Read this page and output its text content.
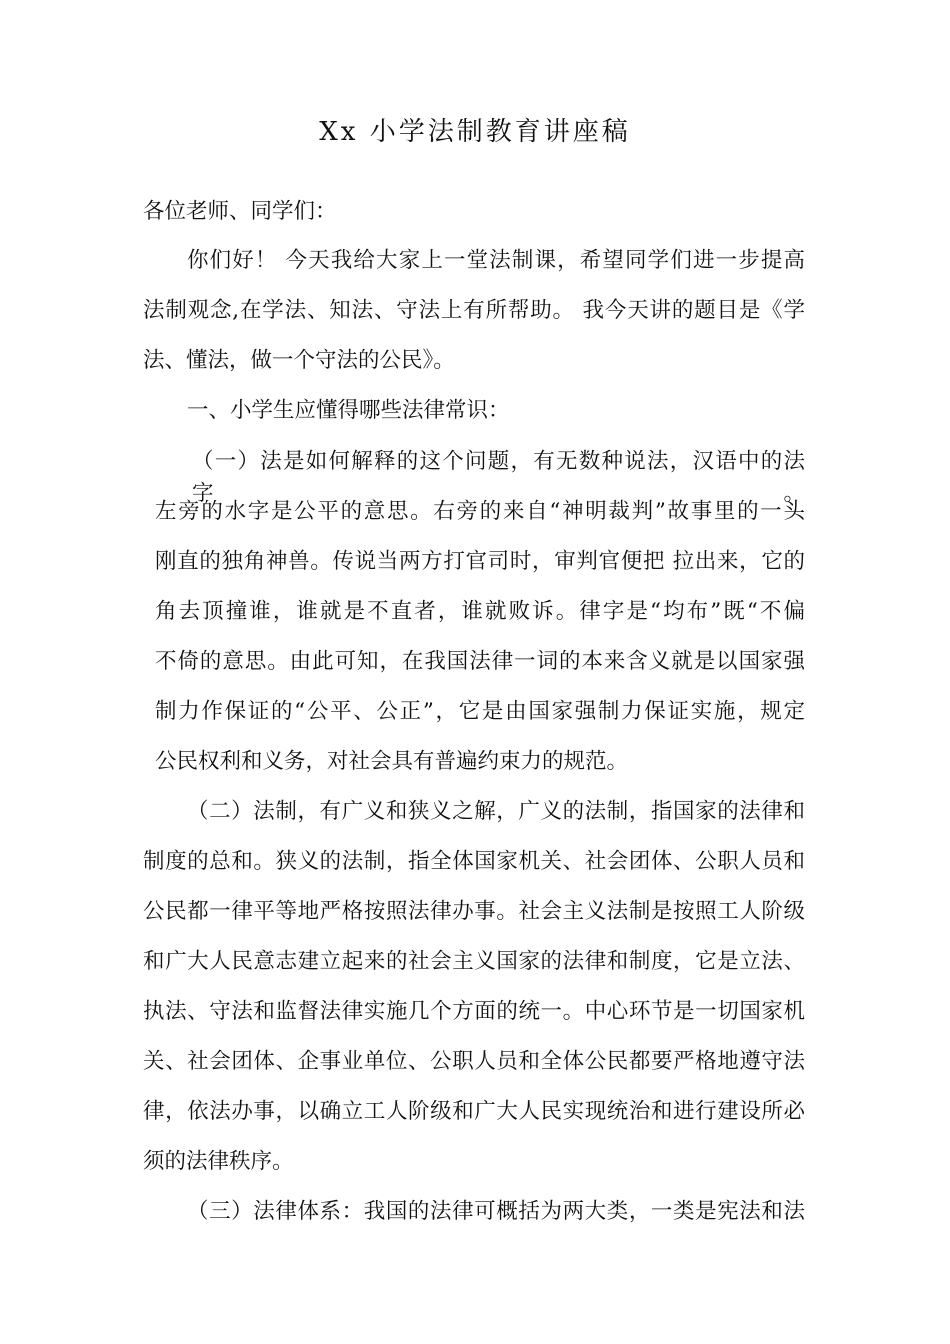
Xx 小学法制教育讲座稿
各位老师、同学们：
你们好！ 今天我给大家上一堂法制课，希望同学们进一步提高
法制观念,在学法、知法、守法上有所帮助。 我今天讲的题目是《学
法、懂法，做一个守法的公民》。
一、小学生应懂得哪些法律常识：
（一）法是如何解释的这个问题，有无数种说法，汉语中的法字。
左旁的水字是公平的意思。右旁的来自“神明裁判”故事里的一头
刚直的独角神兽。传说当两方打官司时，审判官便把 拉出来，它的
角去顶撞谁，谁就是不直者，谁就败诉。律字是“均布”既“不偏
不倚的意思。由此可知，在我国法律一词的本来含义就是以国家强
制力作保证的“公平、公正”，它是由国家强制力保证实施，规定
公民权利和义务，对社会具有普遍约束力的规范。
（二）法制，有广义和狭义之解，广义的法制，指国家的法律和
制度的总和。狭义的法制，指全体国家机关、社会团体、公职人员和
公民都一律平等地严格按照法律办事。社会主义法制是按照工人阶级
和广大人民意志建立起来的社会主义国家的法律和制度，它是立法、
执法、守法和监督法律实施几个方面的统一。中心环节是一切国家机
关、社会团体、企事业单位、公职人员和全体公民都要严格地遵守法
律，依法办事，以确立工人阶级和广大人民实现统治和进行建设所必
须的法律秩序。
（三）法律体系：我国的法律可概括为两大类，一类是宪法和法
